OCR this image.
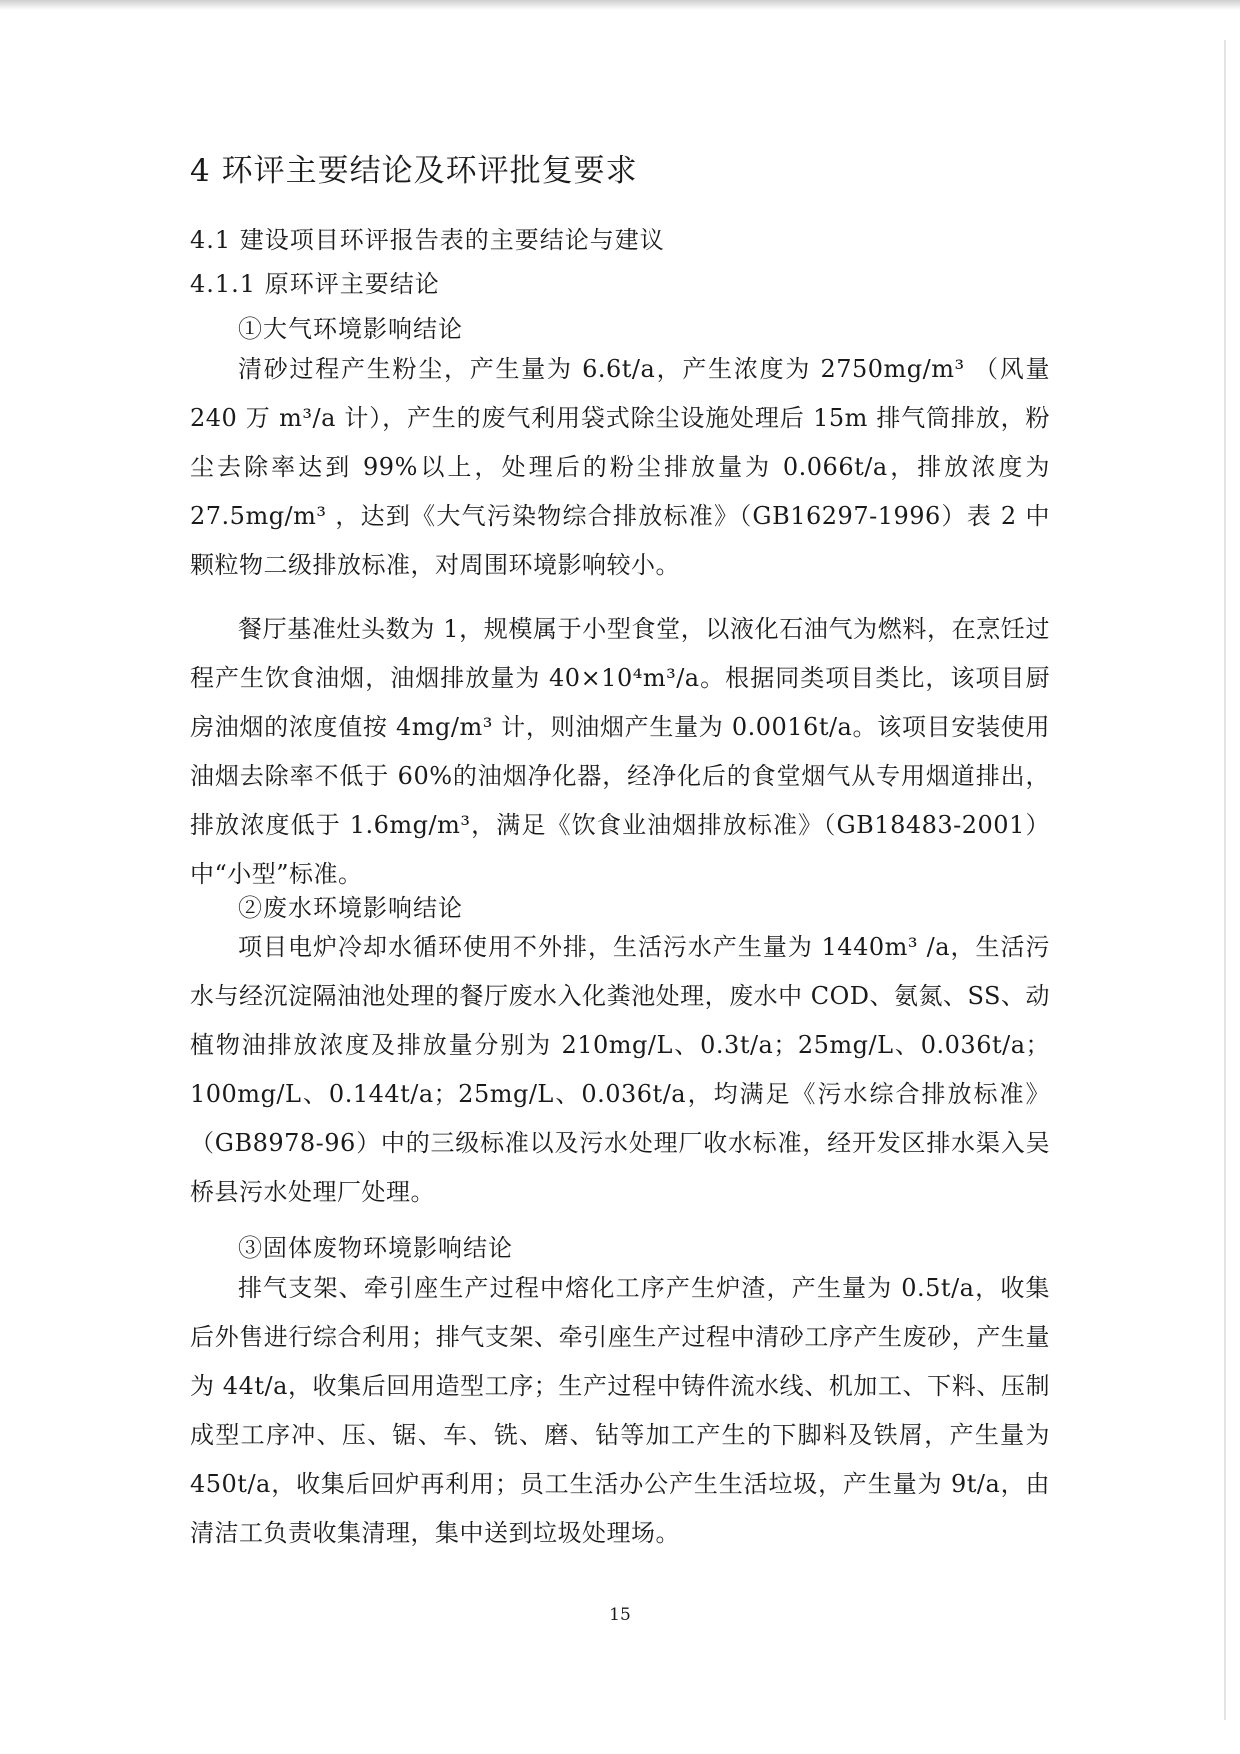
4 环评主要结论及环评批复要求
4.1 建设项目环评报告表的主要结论与建议
4.1.1 原环评主要结论
①大气环境影响结论
清砂过程产生粉尘，产生量为 6.6t/a，产生浓度为 2750mg/m³ （风量 240 万 m³/a 计），产生的废气利用袋式除尘设施处理后 15m 排气筒排放，粉尘去除率达到 99%以上，处理后的粉尘排放量为 0.066t/a，排放浓度为 27.5mg/m³ ，达到《大气污染物综合排放标准》（GB16297-1996）表 2 中颗粒物二级排放标准，对周围环境影响较小。
餐厅基准灶头数为 1，规模属于小型食堂，以液化石油气为燃料，在烹饪过程产生饮食油烟，油烟排放量为 40×10⁴m³/a。根据同类项目类比，该项目厨房油烟的浓度值按 4mg/m³ 计，则油烟产生量为 0.0016t/a。该项目安装使用油烟去除率不低于 60%的油烟净化器，经净化后的食堂烟气从专用烟道排出，排放浓度低于 1.6mg/m³，满足《饮食业油烟排放标准》（GB18483-2001）中“小型”标准。
②废水环境影响结论
项目电炉冷却水循环使用不外排，生活污水产生量为 1440m³ /a，生活污水与经沉淀隔油池处理的餐厅废水入化粪池处理，废水中 COD、氨氮、SS、动植物油排放浓度及排放量分别为 210mg/L、0.3t/a；25mg/L、0.036t/a；100mg/L、0.144t/a；25mg/L、0.036t/a，均满足《污水综合排放标准》（GB8978-96）中的三级标准以及污水处理厂收水标准，经开发区排水渠入吴桥县污水处理厂处理。
③固体废物环境影响结论
排气支架、牵引座生产过程中熔化工序产生炉渣，产生量为 0.5t/a，收集后外售进行综合利用；排气支架、牵引座生产过程中清砂工序产生废砂，产生量为 44t/a，收集后回用造型工序；生产过程中铸件流水线、机加工、下料、压制成型工序冲、压、锯、车、铣、磨、钻等加工产生的下脚料及铁屑，产生量为 450t/a，收集后回炉再利用；员工生活办公产生生活垃圾，产生量为 9t/a，由清洁工负责收集清理，集中送到垃圾处理场。
15
